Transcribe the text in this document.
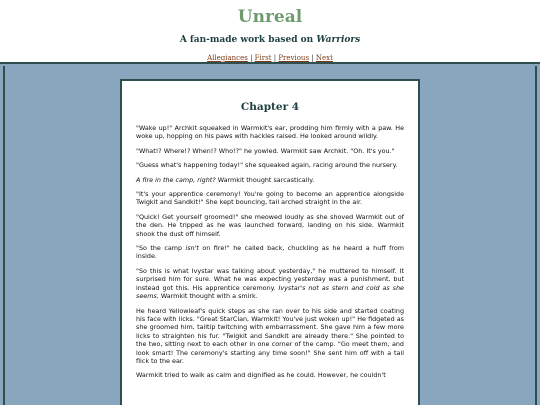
Unreal
A fan-made work based on Warriors
Allegiances | First | Previous | Next
Chapter 4

"Wake up!" Archkit squeaked in Warmkit's ear, prodding him firmly with a paw. He woke up, hopping on his paws with hackles raised. He looked around wildly.

"What!? Where!? When!? Who!?" he yowled. Warmkit saw Archkit. "Oh. It's you."

"Guess what's happening today!" she squeaked again, racing around the nursery.

A fire in the camp, right? Warmkit thought sarcastically.

"It's your apprentice ceremony! You're going to become an apprentice alongside Twigkit and Sandkit!" She kept bouncing, tail arched straight in the air.

"Quick! Get yourself groomed!" she meowed loudly as she shoved Warmkit out of the den. He tripped as he was launched forward, landing on his side. Warmkit shook the dust off himself.

"So the camp isn't on fire!" he called back, chuckling as he heard a huff from inside.

"So this is what Ivystar was talking about yesterday," he muttered to himself. It surprised him for sure. What he was expecting yesterday was a punishment, but instead got this. His apprentice ceremony. Ivystar's not as stern and cold as she seems, Warmkit thought with a smirk.

He heard Yellowleaf's quick steps as she ran over to his side and started coating his face with licks. "Great StarClan, Warmkit! You've just woken up!" He fidgeted as she groomed him, tailtip twitching with embarrassment. She gave him a few more licks to straighten his fur. "Twigkit and Sandkit are already there." She pointed to the two, sitting next to each other in one corner of the camp. "Go meet them, and look smart! The ceremony's starting any time soon!" She sent him off with a tail flick to the ear.

Warmkit tried to walk as calm and dignified as he could. However, he couldn't
